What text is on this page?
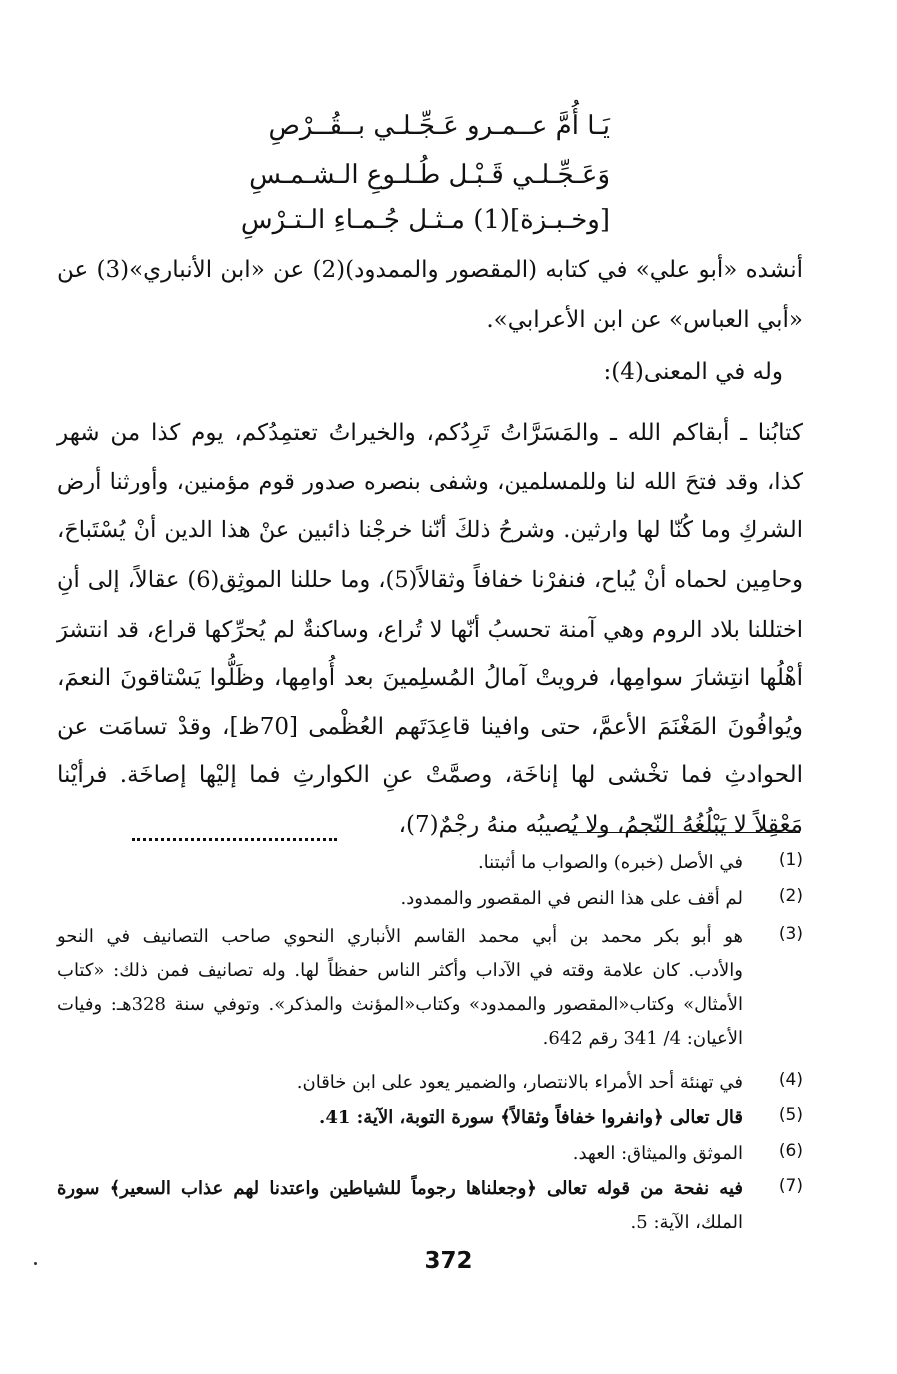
يَـا أُمَّ عــمـرو عَـجِّـلـي بــقُــرْصِ
وَعَـجِّـلـي قَـبْـل طُـلـوعِ الـشـمـسِ
[وخـبـزة](1) مـثـل جُـمـاءِ الـتـرْسِ
أنشده «أبو علي» في كتابه (المقصور والممدود)(2) عن «ابن الأنباري»(3) عن
«أبي العباس» عن ابن الأعرابي».
وله في المعنى(4):
كتابُنا ـ أبقاكم الله ـ والمَسَرَّاتُ تَرِدُكم، والخيراتُ تعتمِدُكم، يوم كذا من شهر
كذا، وقد فتحَ الله لنا وللمسلمين، وشفى بنصره صدور قوم مؤمنين، وأورثنا أرض
الشركِ وما كُنّا لها وارثين. وشرحُ ذلكَ أنّنا خرجْنا ذائبين عنْ هذا الدين أنْ يُسْتَباحَ،
وحامِين لحماه أنْ يُباح، فنفرْنا خفافاً وثقالاً(5)، وما حللنا الموثِق(6) عقالاً، إلى أنِ
اختللنا بلاد الروم وهي آمنة تحسبُ أنّها لا تُراع، وساكنةٌ لم يُحرِّكها قراع، قد انتشرَ
أهْلُها انتِشارَ سوامِها، فرويتْ آمالُ المُسلِمينَ بعد أُوامِها، وظَلُّوا يَسْتاقونَ النعمَ،
ويُوافُونَ المَغْنَمَ الأعمَّ، حتى وافينا قاعِدَتَهم العُظْمى [70ظ]، وقدْ تسامَت عن
الحوادثِ فما تخْشى لها إناخَة، وصمَّتْ عنِ الكوارثِ فما إليْها إصاخَة. فرأيْنا
مَعْقِلاً لا يَبْلُغُهُ النّجمُ، ولا يُصيبُه منهُ رجْمٌ(7)،
(1)
في الأصل (خبره) والصواب ما أثبتنا.
(2)
لم أقف على هذا النص في المقصور والممدود.
(3)
هو أبو بكر محمد بن أبي محمد القاسم الأنباري النحوي صاحب التصانيف في النحو
والأدب. كان علامة وقته في الآداب وأكثر الناس حفظاً لها. وله تصانيف فمن ذلك: «كتاب
الأمثال» وكتاب«المقصور والممدود» وكتاب«المؤنث والمذكر». وتوفي سنة 328هـ: وفيات
الأعيان: 4/ 341 رقم 642.
(4)
في تهنئة أحد الأمراء بالانتصار، والضمير يعود على ابن خاقان.
(5)
قال تعالى ﴿وانفروا خفافاً وثقالاً﴾ سورة التوبة، الآية: 41.
(6)
الموثق والميثاق: العهد.
(7)
فيه نفحة من قوله تعالى ﴿وجعلناها رجوماً للشياطين واعتدنا لهم عذاب السعير﴾ سورة
الملك، الآية: 5.
372
